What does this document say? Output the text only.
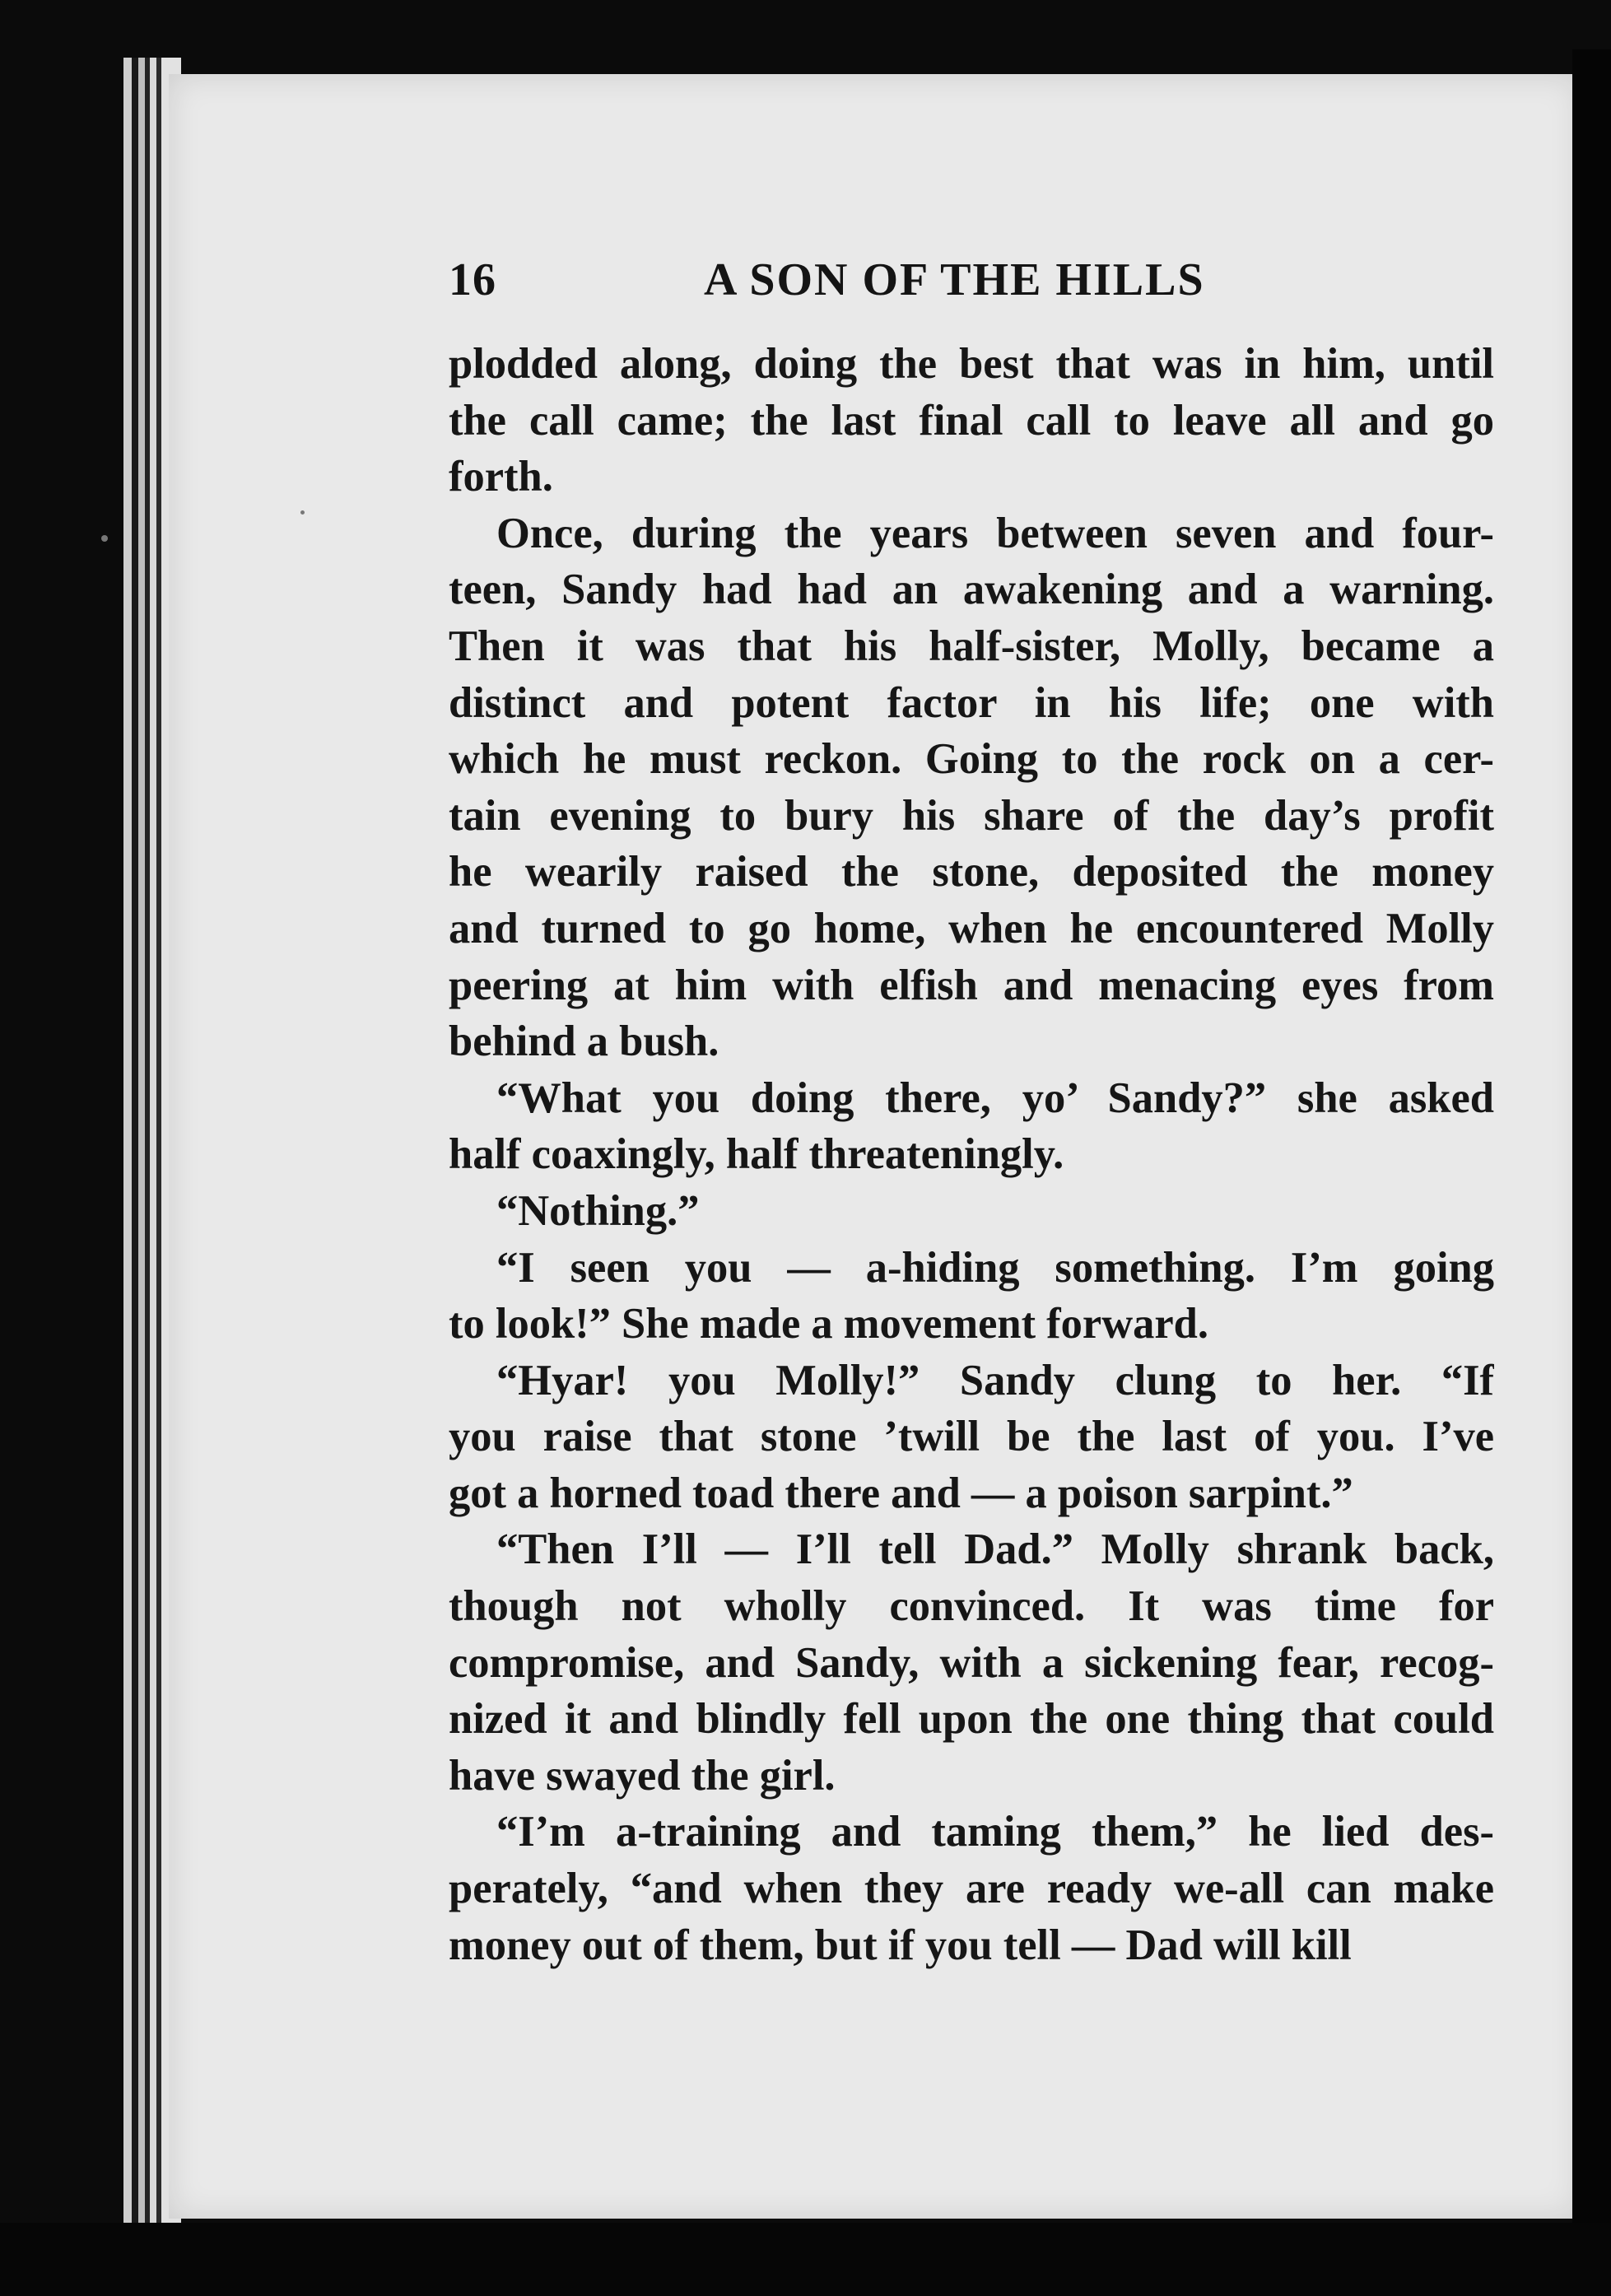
16	A SON OF THE HILLS
plodded along, doing the best that was in him, until
the call came; the last final call to leave all and go
forth.
Once, during the years between seven and four-
teen, Sandy had had an awakening and a warning.
Then it was that his half-sister, Molly, became a
distinct and potent factor in his life; one with
which he must reckon. Going to the rock on a cer-
tain evening to bury his share of the day’s profit
he wearily raised the stone, deposited the money
and turned to go home, when he encountered Molly
peering at him with elfish and menacing eyes from
behind a bush.
“What you doing there, yo’ Sandy?” she asked
half coaxingly, half threateningly.
“Nothing.”
“I seen you — a-hiding something. I’m going
to look!” She made a movement forward.
“Hyar! you Molly!” Sandy clung to her. “If
you raise that stone ’twill be the last of you. I’ve
got a horned toad there and — a poison sarpint.”
“Then I’ll — I’ll tell Dad.” Molly shrank back,
though not wholly convinced. It was time for
compromise, and Sandy, with a sickening fear, recog-
nized it and blindly fell upon the one thing that could
have swayed the girl.
“I’m a-training and taming them,” he lied des-
perately, “and when they are ready we-all can make
money out of them, but if you tell — Dad will kill
